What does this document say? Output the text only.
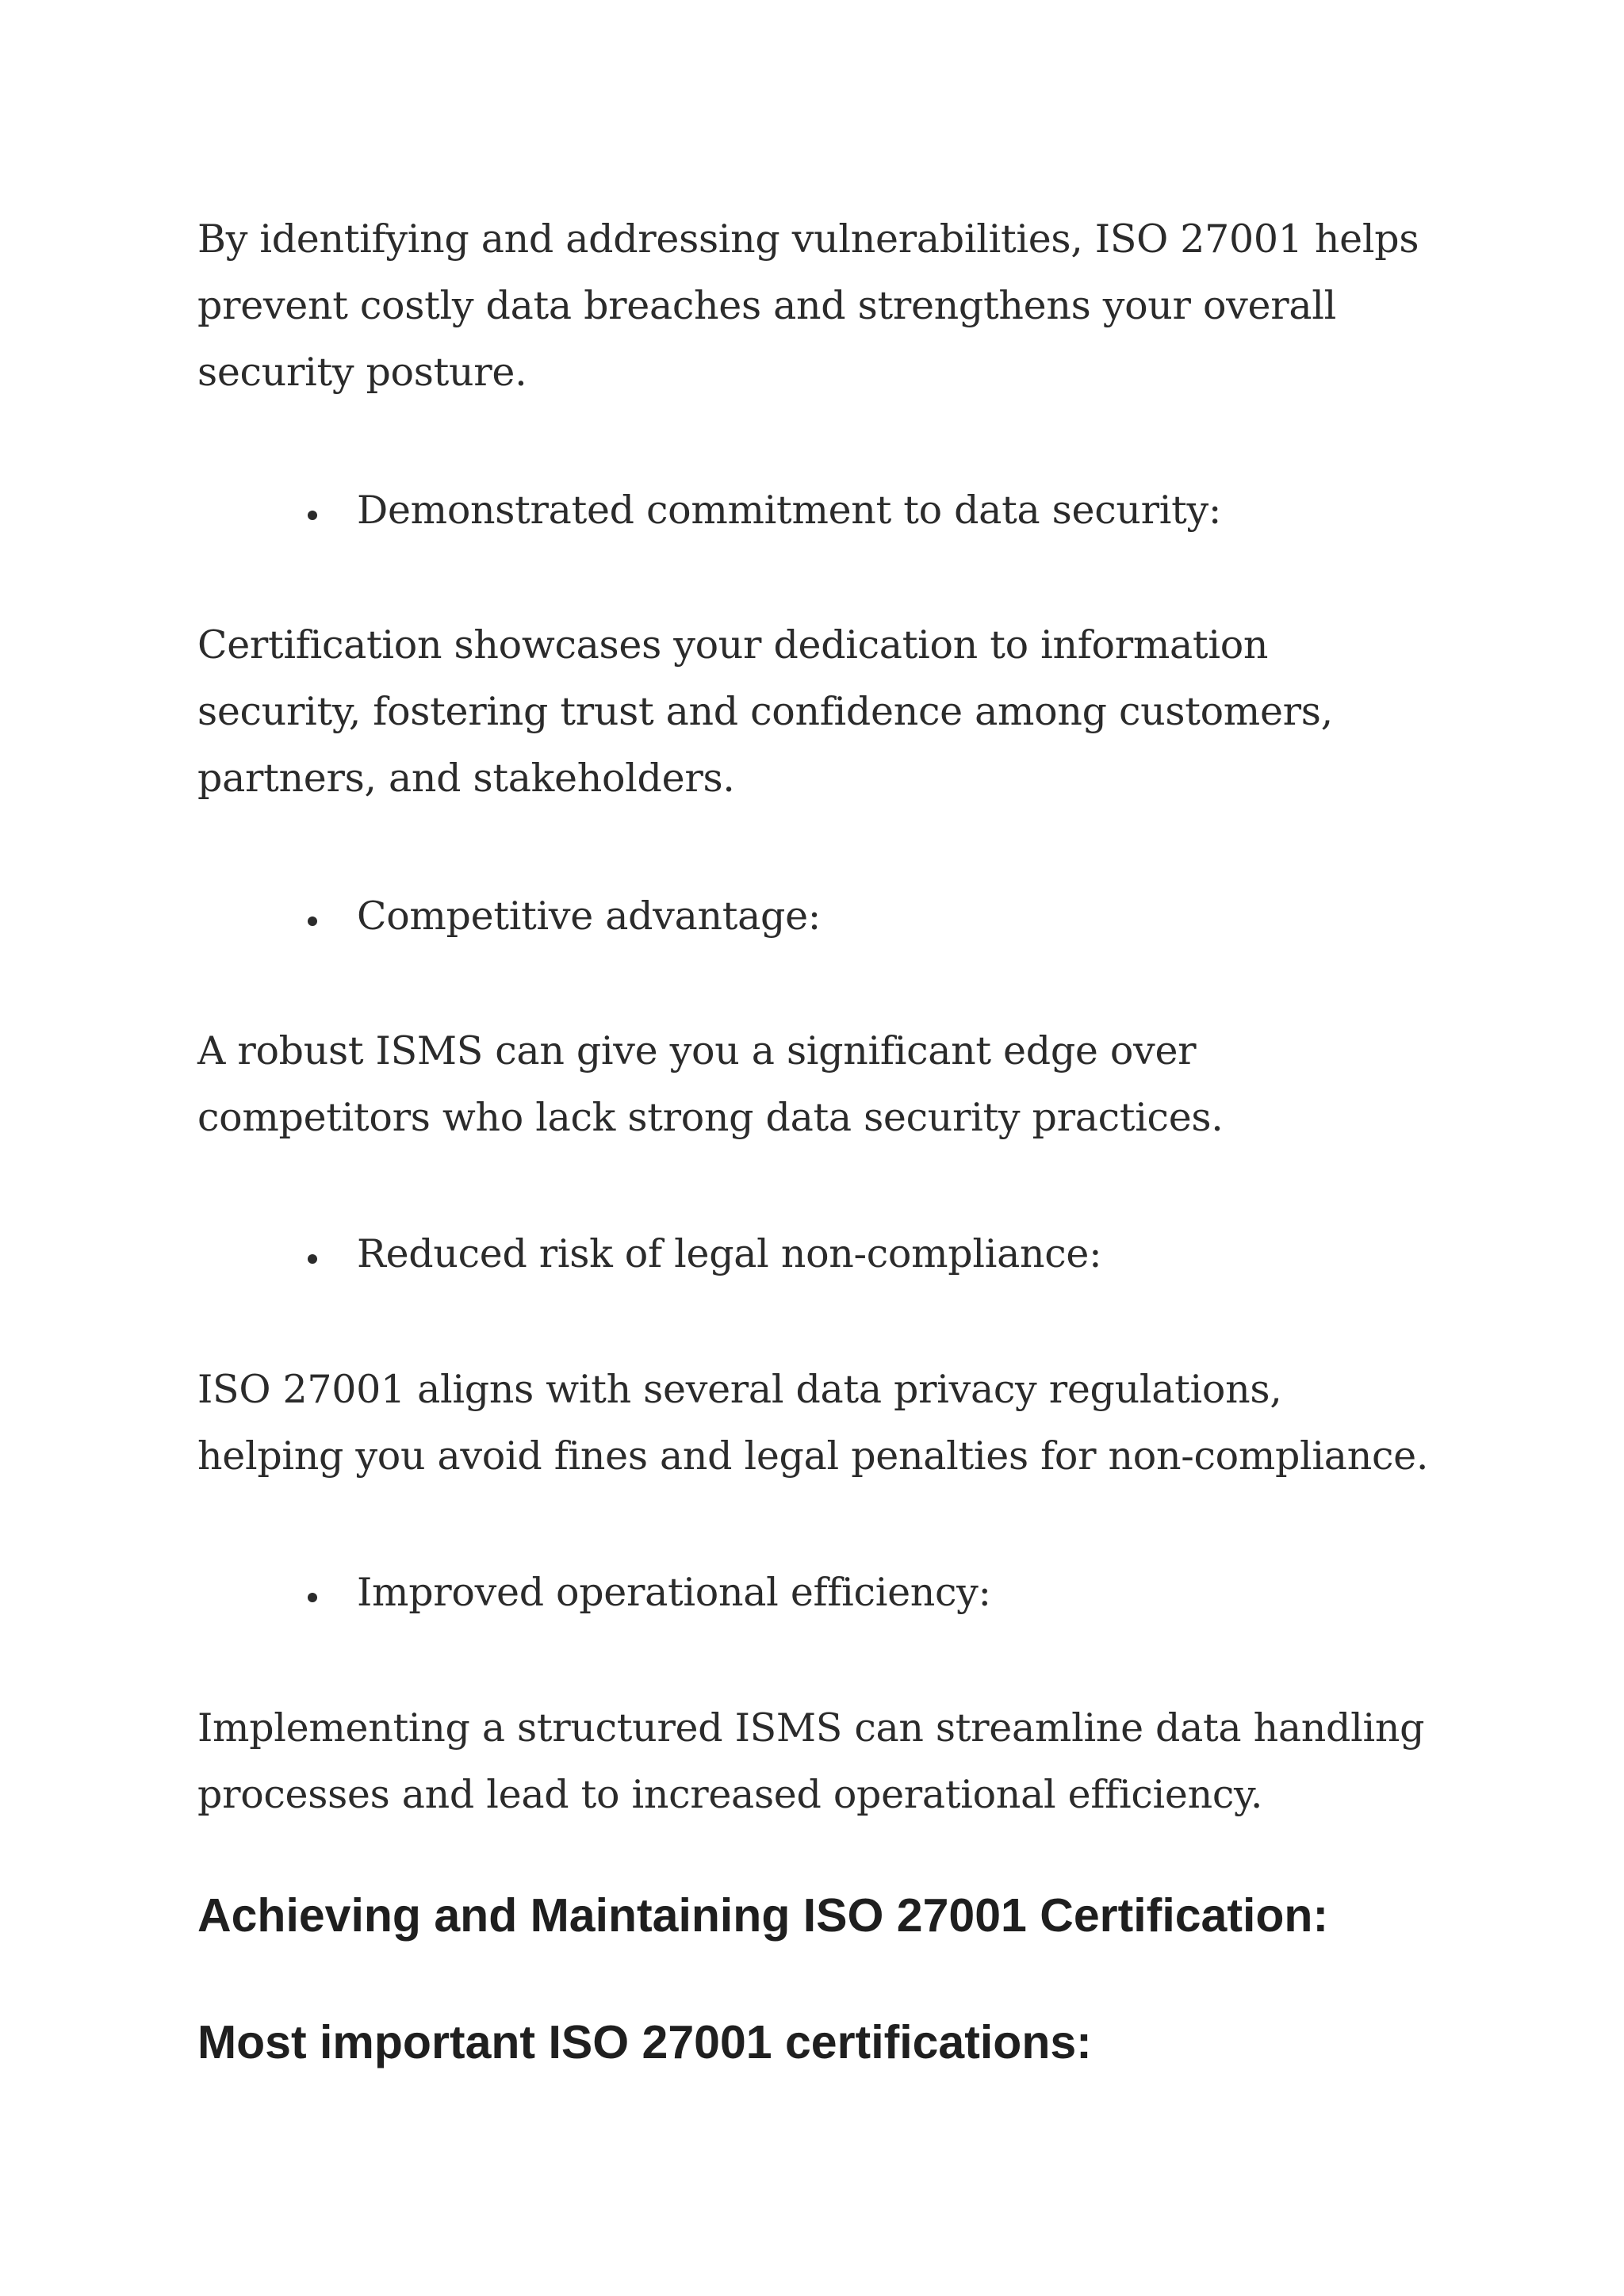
By identifying and addressing vulnerabilities, ISO 27001 helps prevent costly data breaches and strengthens your overall security posture.

Demonstrated commitment to data security:

Certification showcases your dedication to information security, fostering trust and confidence among customers, partners, and stakeholders.

Competitive advantage:

A robust ISMS can give you a significant edge over competitors who lack strong data security practices.

Reduced risk of legal non-compliance:

ISO 27001 aligns with several data privacy regulations, helping you avoid fines and legal penalties for non-compliance.

Improved operational efficiency:

Implementing a structured ISMS can streamline data handling processes and lead to increased operational efficiency.

Achieving and Maintaining ISO 27001 Certification:
Most important ISO 27001 certifications:
